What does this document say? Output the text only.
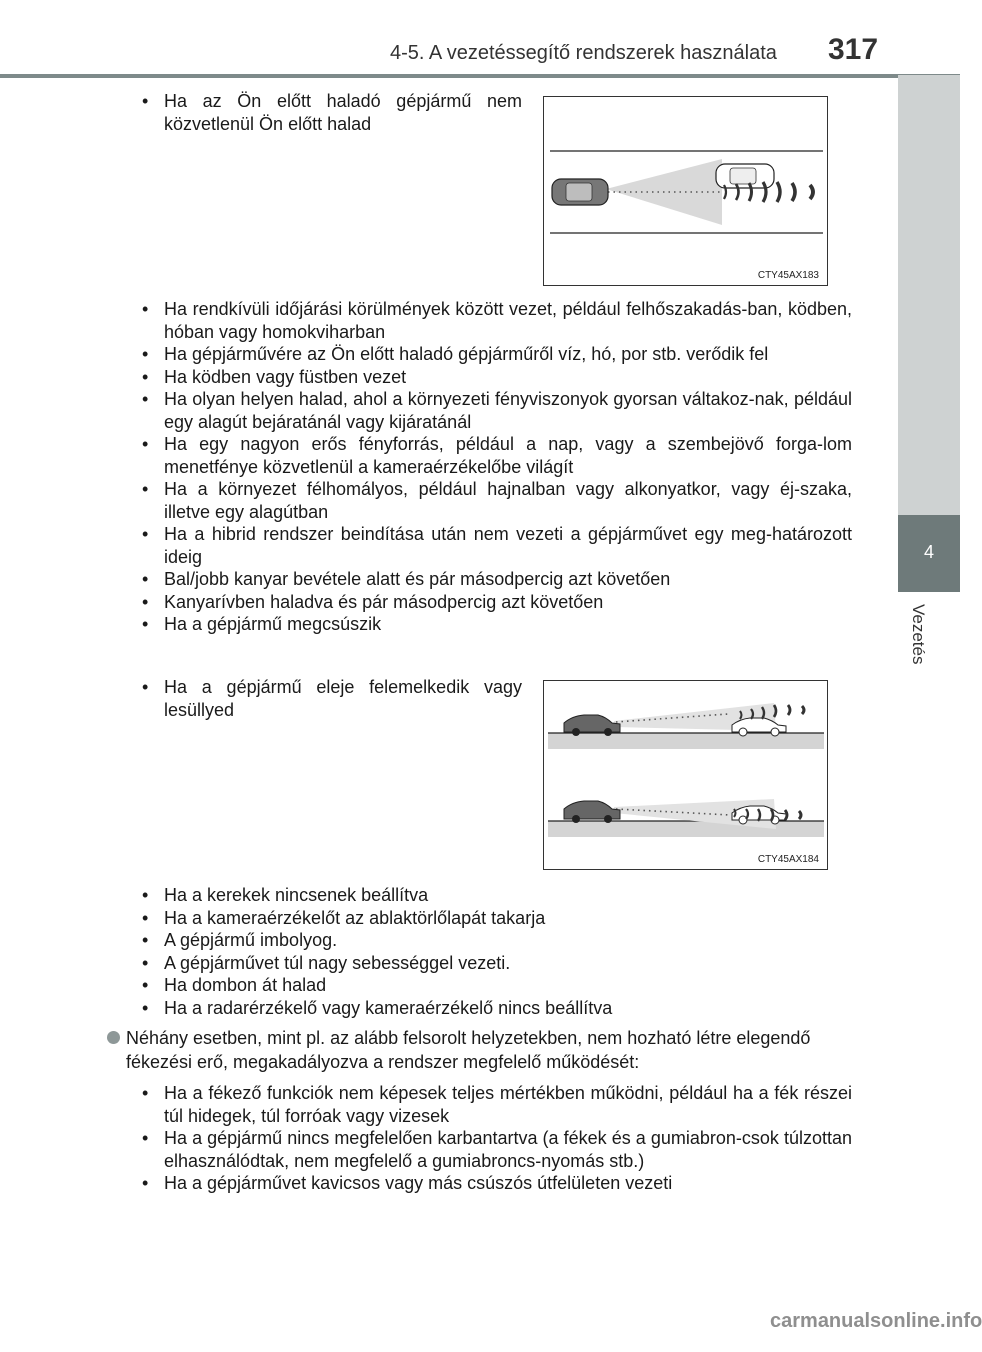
4-5. A vezetéssegítő rendszerek használata 317
4
Vezetés
• Ha az Ön előtt haladó gépjármű nem közvetlenül Ön előtt halad
CTY45AX183
• Ha rendkívüli időjárási körülmények között vezet, például felhőszakadás-ban, ködben, hóban vagy homokviharban
• Ha gépjárművére az Ön előtt haladó gépjárműről víz, hó, por stb. verődik fel
• Ha ködben vagy füstben vezet
• Ha olyan helyen halad, ahol a környezeti fényviszonyok gyorsan váltakoz-nak, például egy alagút bejáratánál vagy kijáratánál
• Ha egy nagyon erős fényforrás, például a nap, vagy a szembejövő forga-lom menetfénye közvetlenül a kameraérzékelőbe világít
• Ha a környezet félhomályos, például hajnalban vagy alkonyatkor, vagy éj-szaka, illetve egy alagútban
• Ha a hibrid rendszer beindítása után nem vezeti a gépjárművet egy meg-határozott ideig
• Bal/jobb kanyar bevétele alatt és pár másodpercig azt követően
• Kanyarívben haladva és pár másodpercig azt követően
• Ha a gépjármű megcsúszik
• Ha a gépjármű eleje felemelkedik vagy lesüllyed
CTY45AX184
• Ha a kerekek nincsenek beállítva
• Ha a kameraérzékelőt az ablaktörlőlapát takarja
• A gépjármű imbolyog.
• A gépjárművet túl nagy sebességgel vezeti.
• Ha dombon át halad
• Ha a radarérzékelő vagy kameraérzékelő nincs beállítva
Néhány esetben, mint pl. az alább felsorolt helyzetekben, nem hozható létre elegendő fékezési erő, megakadályozva a rendszer megfelelő működését:
• Ha a fékező funkciók nem képesek teljes mértékben működni, például ha a fék részei túl hidegek, túl forróak vagy vizesek
• Ha a gépjármű nincs megfelelően karbantartva (a fékek és a gumiabron-csok túlzottan elhasználódtak, nem megfelelő a gumiabroncs-nyomás stb.)
• Ha a gépjárművet kavicsos vagy más csúszós útfelületen vezeti
carmanualsonline.info
